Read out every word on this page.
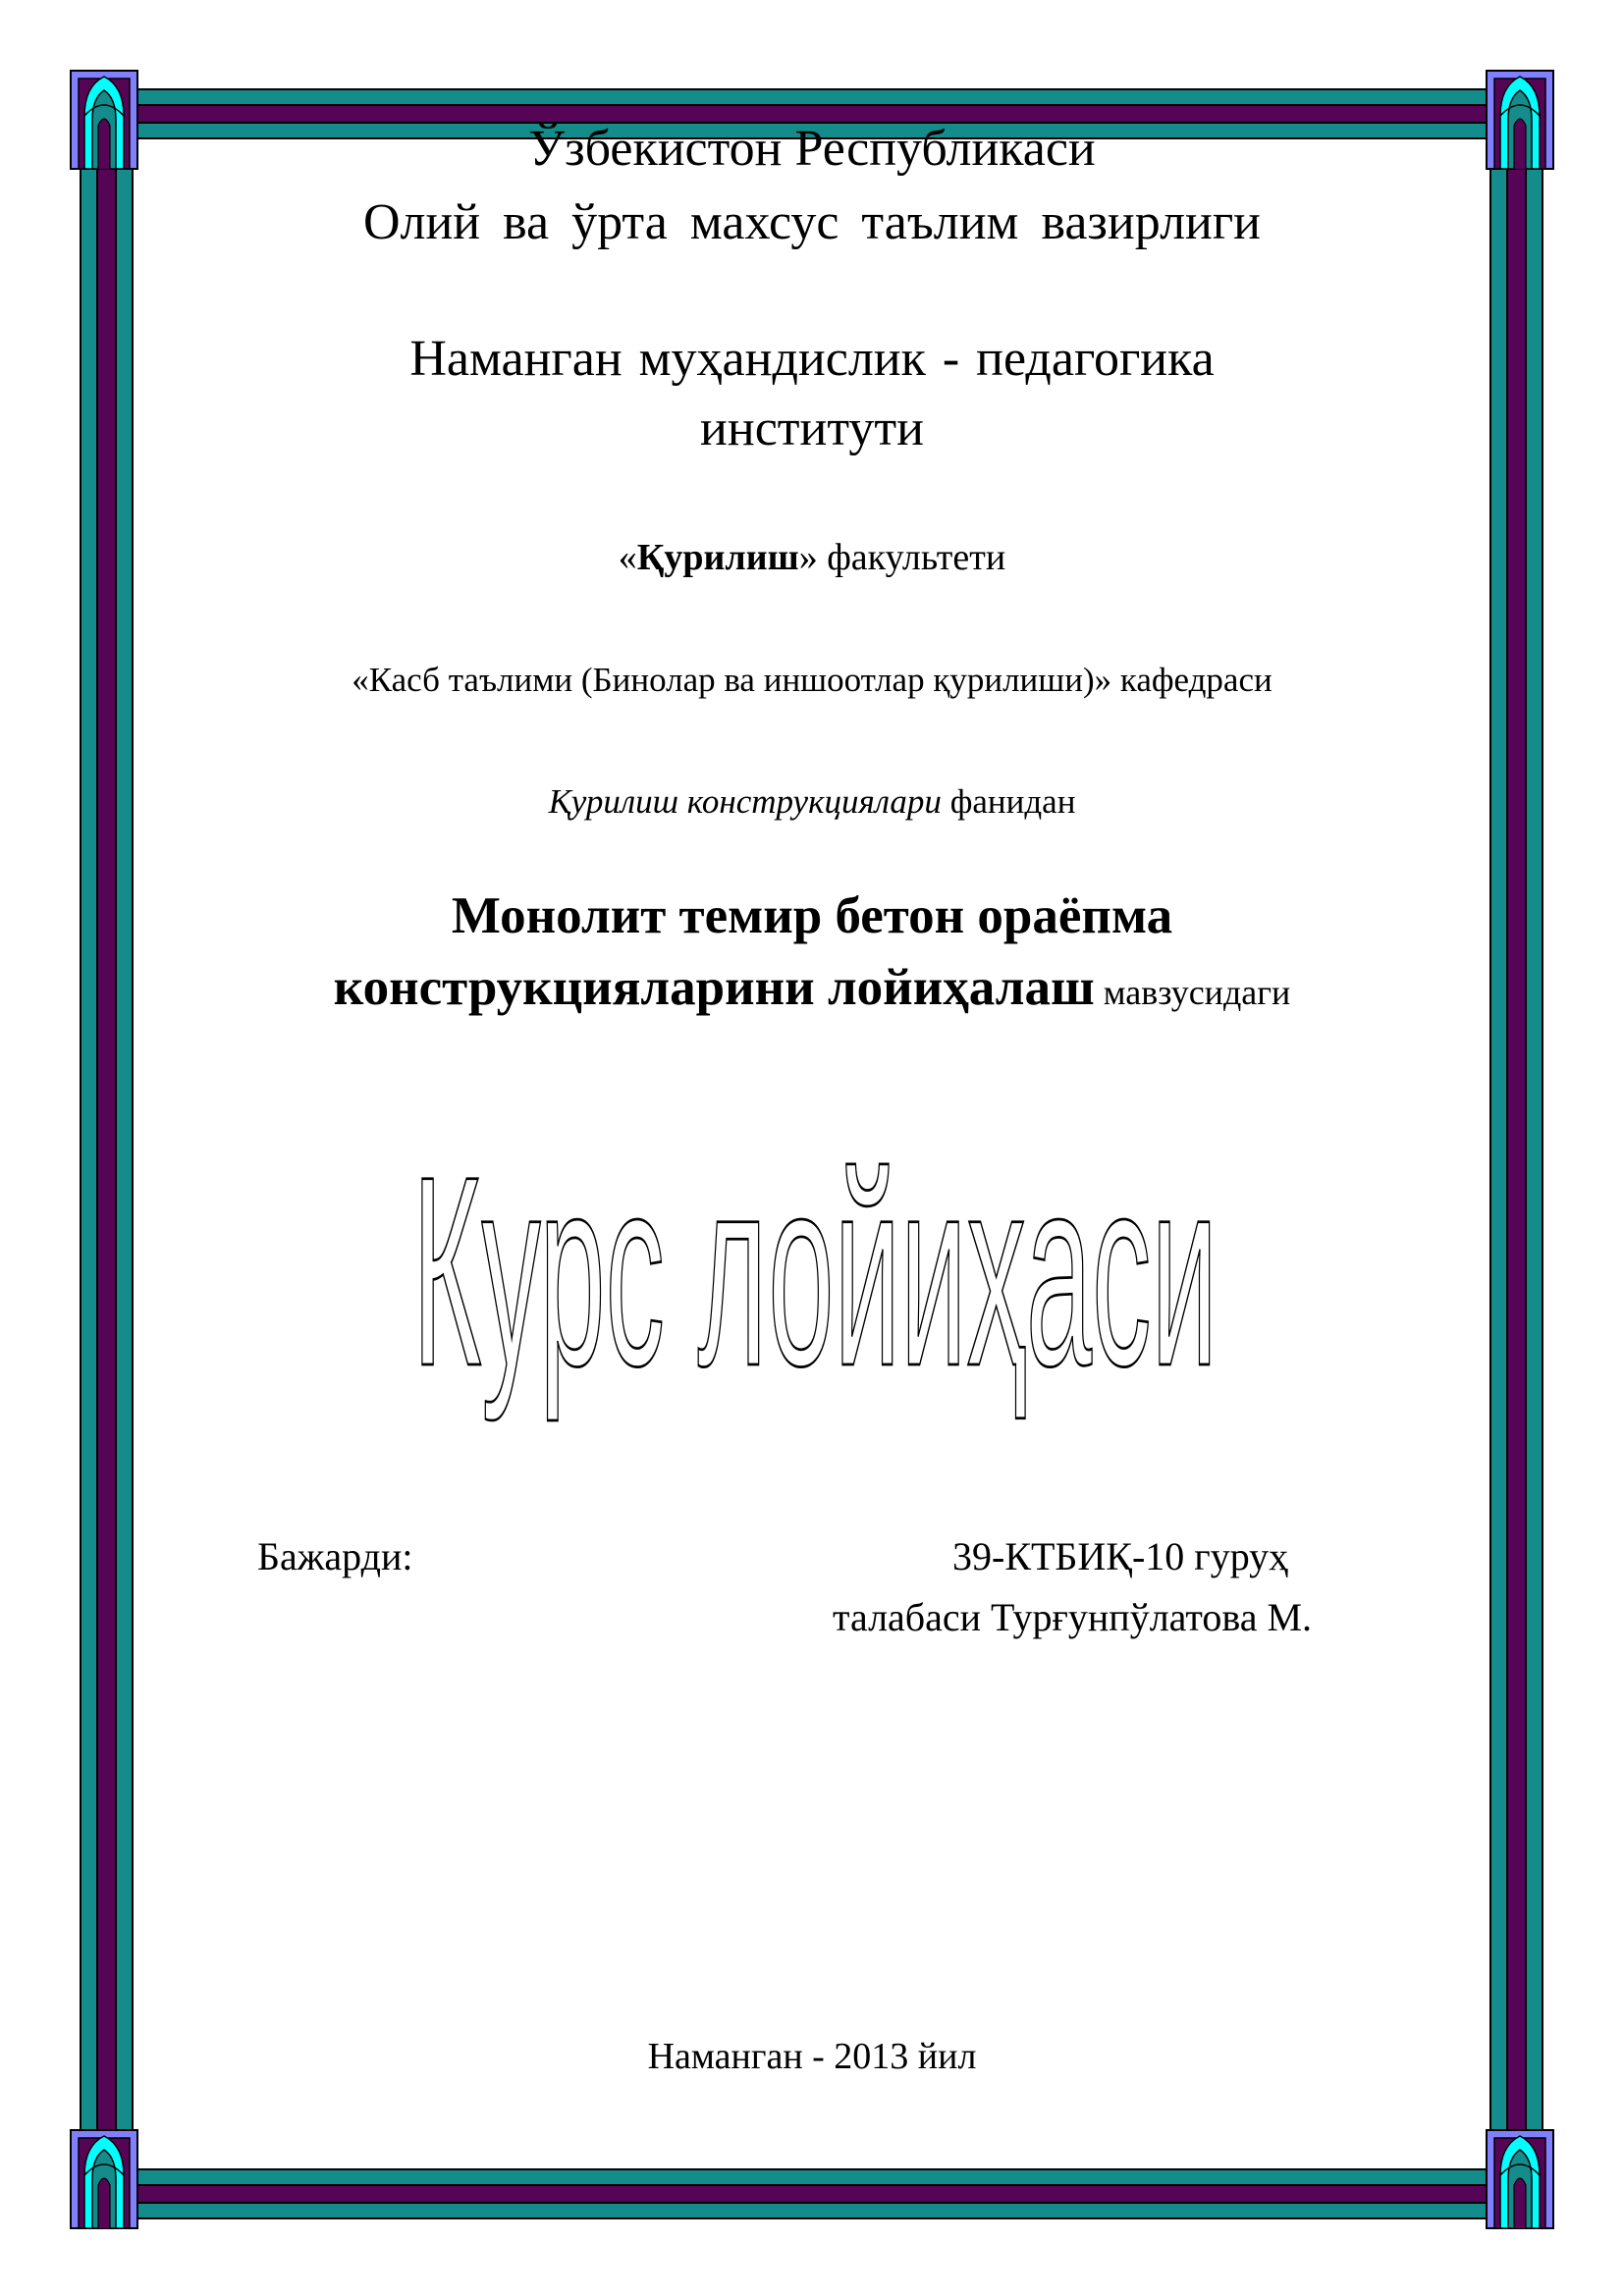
Ўзбекистон Республикаси
Олий ва ўрта махсус таълим вазирлиги
Наманган муҳандислик - педагогика
институти
«Қурилиш» факультети
«Касб таълими (Бинолар ва иншоотлар қурилиши)» кафедраси
Қурилиш конструкциялари фанидан
Монолит темир бетон ораёпма
конструкцияларини лойиҳалаш мавзусидаги
Курс лойиҳаси
Бажарди:	39-КТБИҚ-10 гуруҳ
талабаси Турғунпўлатова М.
Наманган - 2013 йил
